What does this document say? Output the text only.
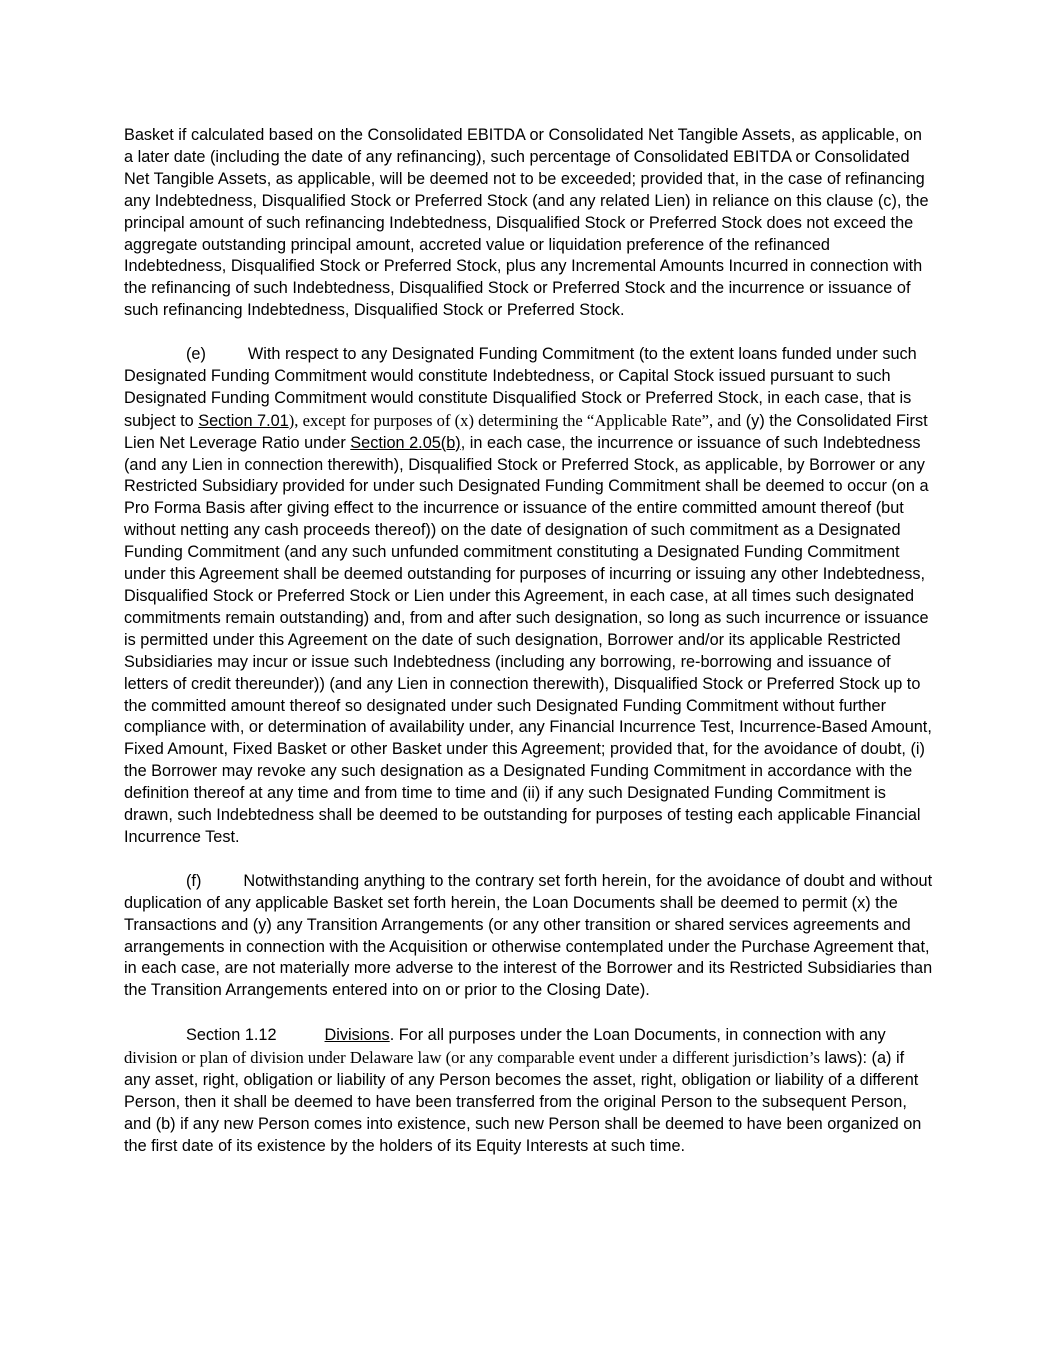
Basket if calculated based on the Consolidated EBITDA or Consolidated Net Tangible Assets, as applicable, on a later date (including the date of any refinancing), such percentage of Consolidated EBITDA or Consolidated Net Tangible Assets, as applicable, will be deemed not to be exceeded; provided that, in the case of refinancing any Indebtedness, Disqualified Stock or Preferred Stock (and any related Lien) in reliance on this clause (c), the principal amount of such refinancing Indebtedness, Disqualified Stock or Preferred Stock does not exceed the aggregate outstanding principal amount, accreted value or liquidation preference of the refinanced Indebtedness, Disqualified Stock or Preferred Stock, plus any Incremental Amounts Incurred in connection with the refinancing of such Indebtedness, Disqualified Stock or Preferred Stock and the incurrence or issuance of such refinancing Indebtedness, Disqualified Stock or Preferred Stock.

(e)	With respect to any Designated Funding Commitment (to the extent loans funded under such Designated Funding Commitment would constitute Indebtedness, or Capital Stock issued pursuant to such Designated Funding Commitment would constitute Disqualified Stock or Preferred Stock, in each case, that is subject to Section 7.01), except for purposes of (x) determining the “Applicable Rate”, and (y) the Consolidated First Lien Net Leverage Ratio under Section 2.05(b), in each case, the incurrence or issuance of such Indebtedness (and any Lien in connection therewith), Disqualified Stock or Preferred Stock, as applicable, by Borrower or any Restricted Subsidiary provided for under such Designated Funding Commitment shall be deemed to occur (on a Pro Forma Basis after giving effect to the incurrence or issuance of the entire committed amount thereof (but without netting any cash proceeds thereof)) on the date of designation of such commitment as a Designated Funding Commitment (and any such unfunded commitment constituting a Designated Funding Commitment under this Agreement shall be deemed outstanding for purposes of incurring or issuing any other Indebtedness, Disqualified Stock or Preferred Stock or Lien under this Agreement, in each case, at all times such designated commitments remain outstanding) and, from and after such designation, so long as such incurrence or issuance is permitted under this Agreement on the date of such designation, Borrower and/or its applicable Restricted Subsidiaries may incur or issue such Indebtedness (including any borrowing, re-borrowing and issuance of letters of credit thereunder)) (and any Lien in connection therewith), Disqualified Stock or Preferred Stock up to the committed amount thereof so designated under such Designated Funding Commitment without further compliance with, or determination of availability under, any Financial Incurrence Test, Incurrence-Based Amount, Fixed Amount, Fixed Basket or other Basket under this Agreement; provided that, for the avoidance of doubt, (i) the Borrower may revoke any such designation as a Designated Funding Commitment in accordance with the definition thereof at any time and from time to time and (ii) if any such Designated Funding Commitment is drawn, such Indebtedness shall be deemed to be outstanding for purposes of testing each applicable Financial Incurrence Test.

(f)	Notwithstanding anything to the contrary set forth herein, for the avoidance of doubt and without duplication of any applicable Basket set forth herein, the Loan Documents shall be deemed to permit (x) the Transactions and (y) any Transition Arrangements (or any other transition or shared services agreements and arrangements in connection with the Acquisition or otherwise contemplated under the Purchase Agreement that, in each case, are not materially more adverse to the interest of the Borrower and its Restricted Subsidiaries than the Transition Arrangements entered into on or prior to the Closing Date).

Section 1.12	Divisions. For all purposes under the Loan Documents, in connection with any division or plan of division under Delaware law (or any comparable event under a different jurisdiction’s laws): (a) if any asset, right, obligation or liability of any Person becomes the asset, right, obligation or liability of a different Person, then it shall be deemed to have been transferred from the original Person to the subsequent Person, and (b) if any new Person comes into existence, such new Person shall be deemed to have been organized on the first date of its existence by the holders of its Equity Interests at such time.
